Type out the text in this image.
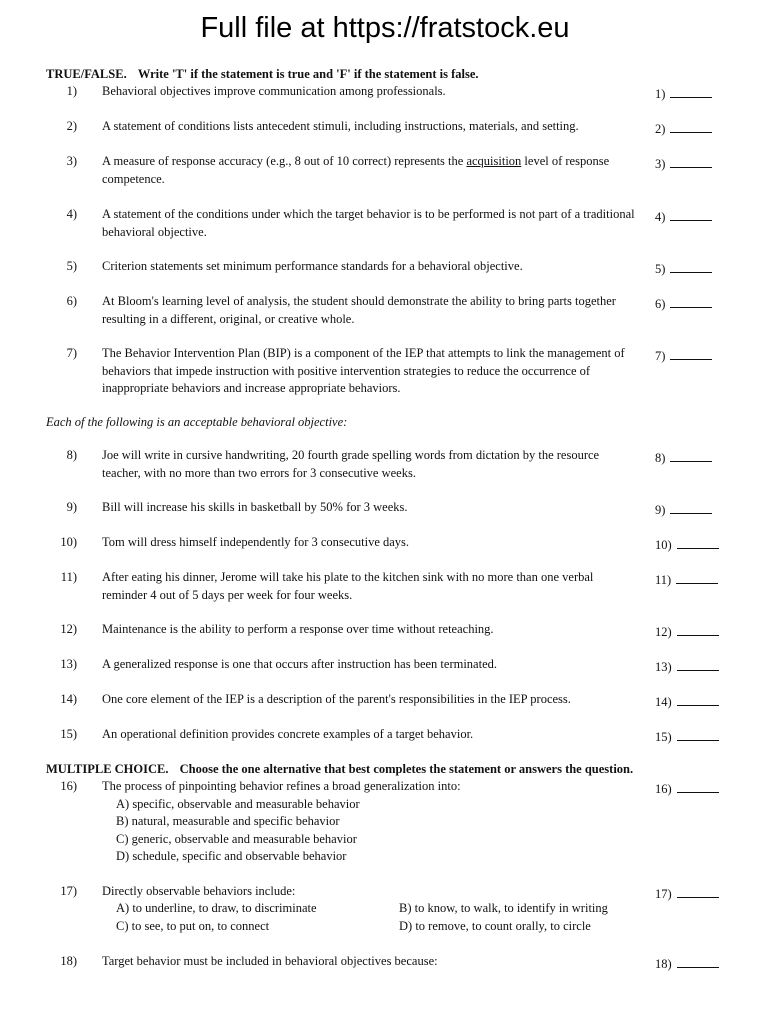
Full file at https://fratstock.eu
TRUE/FALSE. Write 'T' if the statement is true and 'F' if the statement is false.
1) Behavioral objectives improve communication among professionals.	1)
2) A statement of conditions lists antecedent stimuli, including instructions, materials, and setting.	2)
3) A measure of response accuracy (e.g., 8 out of 10 correct) represents the acquisition level of response competence.
3)
4) A statement of the conditions under which the target behavior is to be performed is not part of a traditional behavioral objective.
4)
5) Criterion statements set minimum performance standards for a behavioral objective.	5)
6) At Bloom's learning level of analysis, the student should demonstrate the ability to bring parts together resulting in a different, original, or creative whole.
6)
7) The Behavior Intervention Plan (BIP) is a component of the IEP that attempts to link the management of behaviors that impede instruction with positive intervention strategies to reduce the occurrence of inappropriate behaviors and increase appropriate behaviors.
7)
Each of the following is an acceptable behavioral objective:
8) Joe will write in cursive handwriting, 20 fourth grade spelling words from dictation by the resource teacher, with no more than two errors for 3 consecutive weeks.
8)
9) Bill will increase his skills in basketball by 50% for 3 weeks.	9)
10) Tom will dress himself independently for 3 consecutive days.	10)
11) After eating his dinner, Jerome will take his plate to the kitchen sink with no more than one verbal reminder 4 out of 5 days per week for four weeks.
11)
12) Maintenance is the ability to perform a response over time without reteaching.	12)
13) A generalized response is one that occurs after instruction has been terminated.	13)
14) One core element of the IEP is a description of the parent's responsibilities in the IEP process.	14)
15) An operational definition provides concrete examples of a target behavior.	15)
MULTIPLE CHOICE. Choose the one alternative that best completes the statement or answers the question.
16) The process of pinpointing behavior refines a broad generalization into:	16)
A) specific, observable and measurable behavior
B) natural, measurable and specific behavior
C) generic, observable and measurable behavior
D) schedule, specific and observable behavior
17) Directly observable behaviors include:	17)
A) to underline, to draw, to discriminate	B) to know, to walk, to identify in writing
C) to see, to put on, to connect	D) to remove, to count orally, to circle
18) Target behavior must be included in behavioral objectives because:	18)
